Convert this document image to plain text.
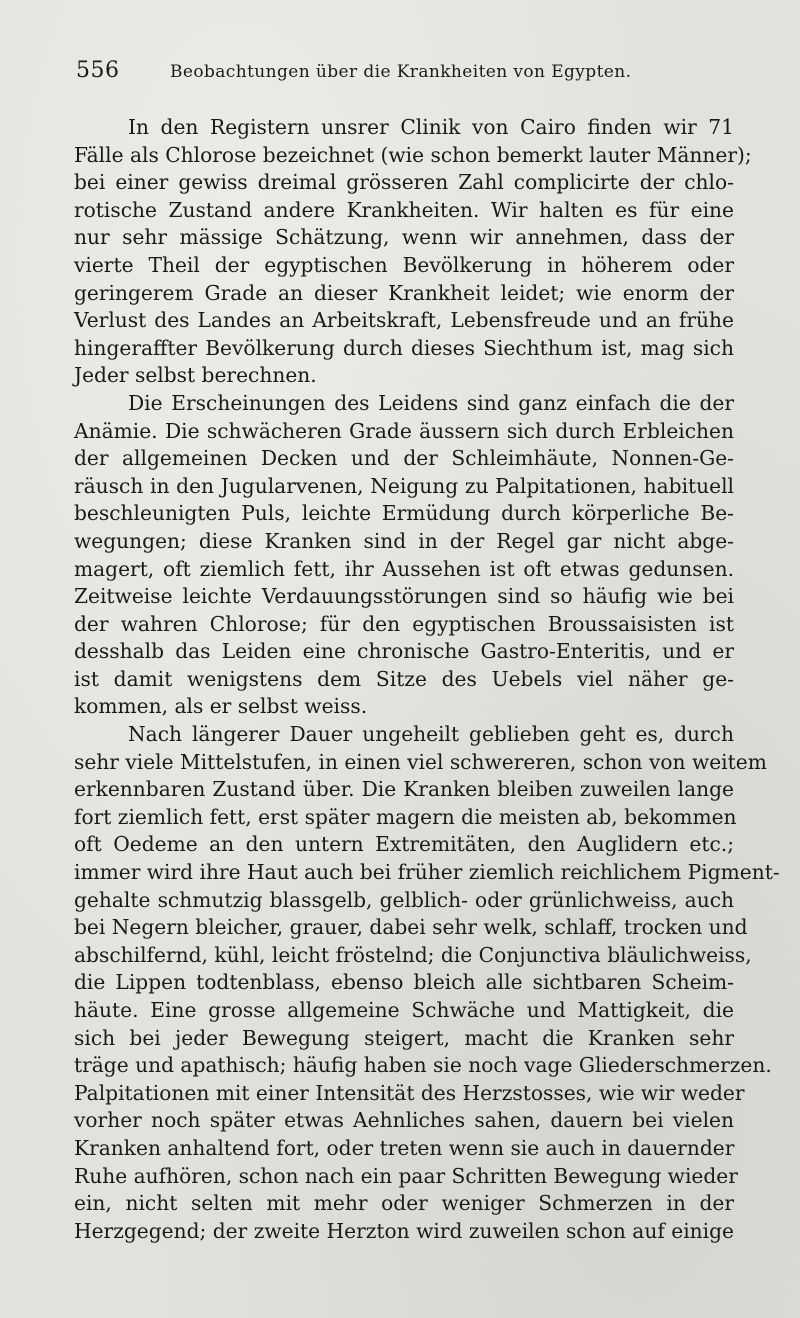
556	Beobachtungen über die Krankheiten von Egypten.
In den Registern unsrer Clinik von Cairo finden wir 71
Fälle als Chlorose bezeichnet (wie schon bemerkt lauter Männer);
bei einer gewiss dreimal grösseren Zahl complicirte der chlo-
rotische Zustand andere Krankheiten. Wir halten es für eine
nur sehr mässige Schätzung, wenn wir annehmen, dass der
vierte Theil der egyptischen Bevölkerung in höherem oder
geringerem Grade an dieser Krankheit leidet; wie enorm der
Verlust des Landes an Arbeitskraft, Lebensfreude und an frühe
hingeraffter Bevölkerung durch dieses Siechthum ist, mag sich
Jeder selbst berechnen.
Die Erscheinungen des Leidens sind ganz einfach die der
Anämie. Die schwächeren Grade äussern sich durch Erbleichen
der allgemeinen Decken und der Schleimhäute, Nonnen-Ge-
räusch in den Jugularvenen, Neigung zu Palpitationen, habituell
beschleunigten Puls, leichte Ermüdung durch körperliche Be-
wegungen; diese Kranken sind in der Regel gar nicht abge-
magert, oft ziemlich fett, ihr Aussehen ist oft etwas gedunsen.
Zeitweise leichte Verdauungsstörungen sind so häufig wie bei
der wahren Chlorose; für den egyptischen Broussaisisten ist
desshalb das Leiden eine chronische Gastro-Enteritis, und er
ist damit wenigstens dem Sitze des Uebels viel näher ge-
kommen, als er selbst weiss.
Nach längerer Dauer ungeheilt geblieben geht es, durch
sehr viele Mittelstufen, in einen viel schwereren, schon von weitem
erkennbaren Zustand über. Die Kranken bleiben zuweilen lange
fort ziemlich fett, erst später magern die meisten ab, bekommen
oft Oedeme an den untern Extremitäten, den Auglidern etc.;
immer wird ihre Haut auch bei früher ziemlich reichlichem Pigment-
gehalte schmutzig blassgelb, gelblich- oder grünlichweiss, auch
bei Negern bleicher, grauer, dabei sehr welk, schlaff, trocken und
abschilfernd, kühl, leicht fröstelnd; die Conjunctiva bläulichweiss,
die Lippen todtenblass, ebenso bleich alle sichtbaren Scheim-
häute. Eine grosse allgemeine Schwäche und Mattigkeit, die
sich bei jeder Bewegung steigert, macht die Kranken sehr
träge und apathisch; häufig haben sie noch vage Gliederschmerzen.
Palpitationen mit einer Intensität des Herzstosses, wie wir weder
vorher noch später etwas Aehnliches sahen, dauern bei vielen
Kranken anhaltend fort, oder treten wenn sie auch in dauernder
Ruhe aufhören, schon nach ein paar Schritten Bewegung wieder
ein, nicht selten mit mehr oder weniger Schmerzen in der
Herzgegend; der zweite Herzton wird zuweilen schon auf einige
